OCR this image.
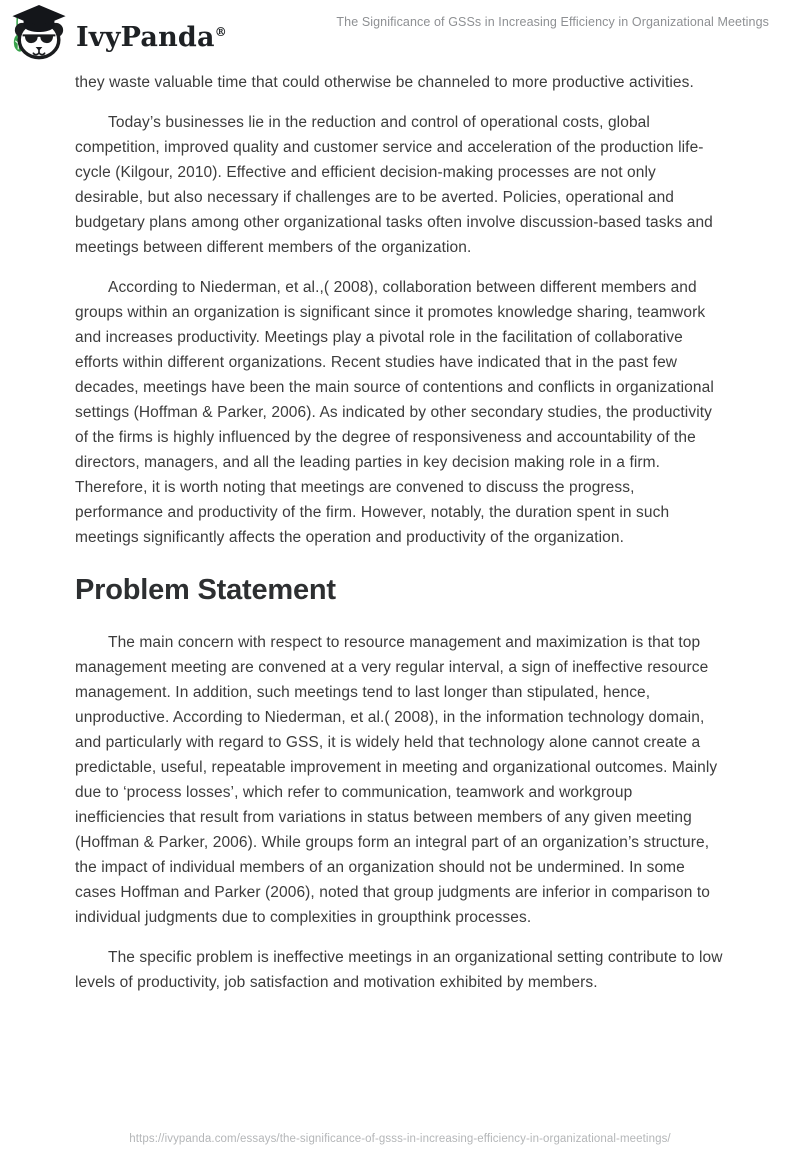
IvyPanda®
The Significance of GSSs in Increasing Efficiency in Organizational Meetings

they waste valuable time that could otherwise be channeled to more productive activities.

Today’s businesses lie in the reduction and control of operational costs, global competition, improved quality and customer service and acceleration of the production life-cycle (Kilgour, 2010). Effective and efficient decision-making processes are not only desirable, but also necessary if challenges are to be averted. Policies, operational and budgetary plans among other organizational tasks often involve discussion-based tasks and meetings between different members of the organization.

According to Niederman, et al.,( 2008), collaboration between different members and groups within an organization is significant since it promotes knowledge sharing, teamwork and increases productivity. Meetings play a pivotal role in the facilitation of collaborative efforts within different organizations. Recent studies have indicated that in the past few decades, meetings have been the main source of contentions and conflicts in organizational settings (Hoffman & Parker, 2006). As indicated by other secondary studies, the productivity of the firms is highly influenced by the degree of responsiveness and accountability of the directors, managers, and all the leading parties in key decision making role in a firm. Therefore, it is worth noting that meetings are convened to discuss the progress, performance and productivity of the firm. However, notably, the duration spent in such meetings significantly affects the operation and productivity of the organization.

Problem Statement

The main concern with respect to resource management and maximization is that top management meeting are convened at a very regular interval, a sign of ineffective resource management. In addition, such meetings tend to last longer than stipulated, hence, unproductive. According to Niederman, et al.( 2008), in the information technology domain, and particularly with regard to GSS, it is widely held that technology alone cannot create a predictable, useful, repeatable improvement in meeting and organizational outcomes. Mainly due to ‘process losses’, which refer to communication, teamwork and workgroup inefficiencies that result from variations in status between members of any given meeting (Hoffman & Parker, 2006). While groups form an integral part of an organization’s structure, the impact of individual members of an organization should not be undermined. In some cases Hoffman and Parker (2006), noted that group judgments are inferior in comparison to individual judgments due to complexities in groupthink processes.

The specific problem is ineffective meetings in an organizational setting contribute to low levels of productivity, job satisfaction and motivation exhibited by members.

https://ivypanda.com/essays/the-significance-of-gsss-in-increasing-efficiency-in-organizational-meetings/
